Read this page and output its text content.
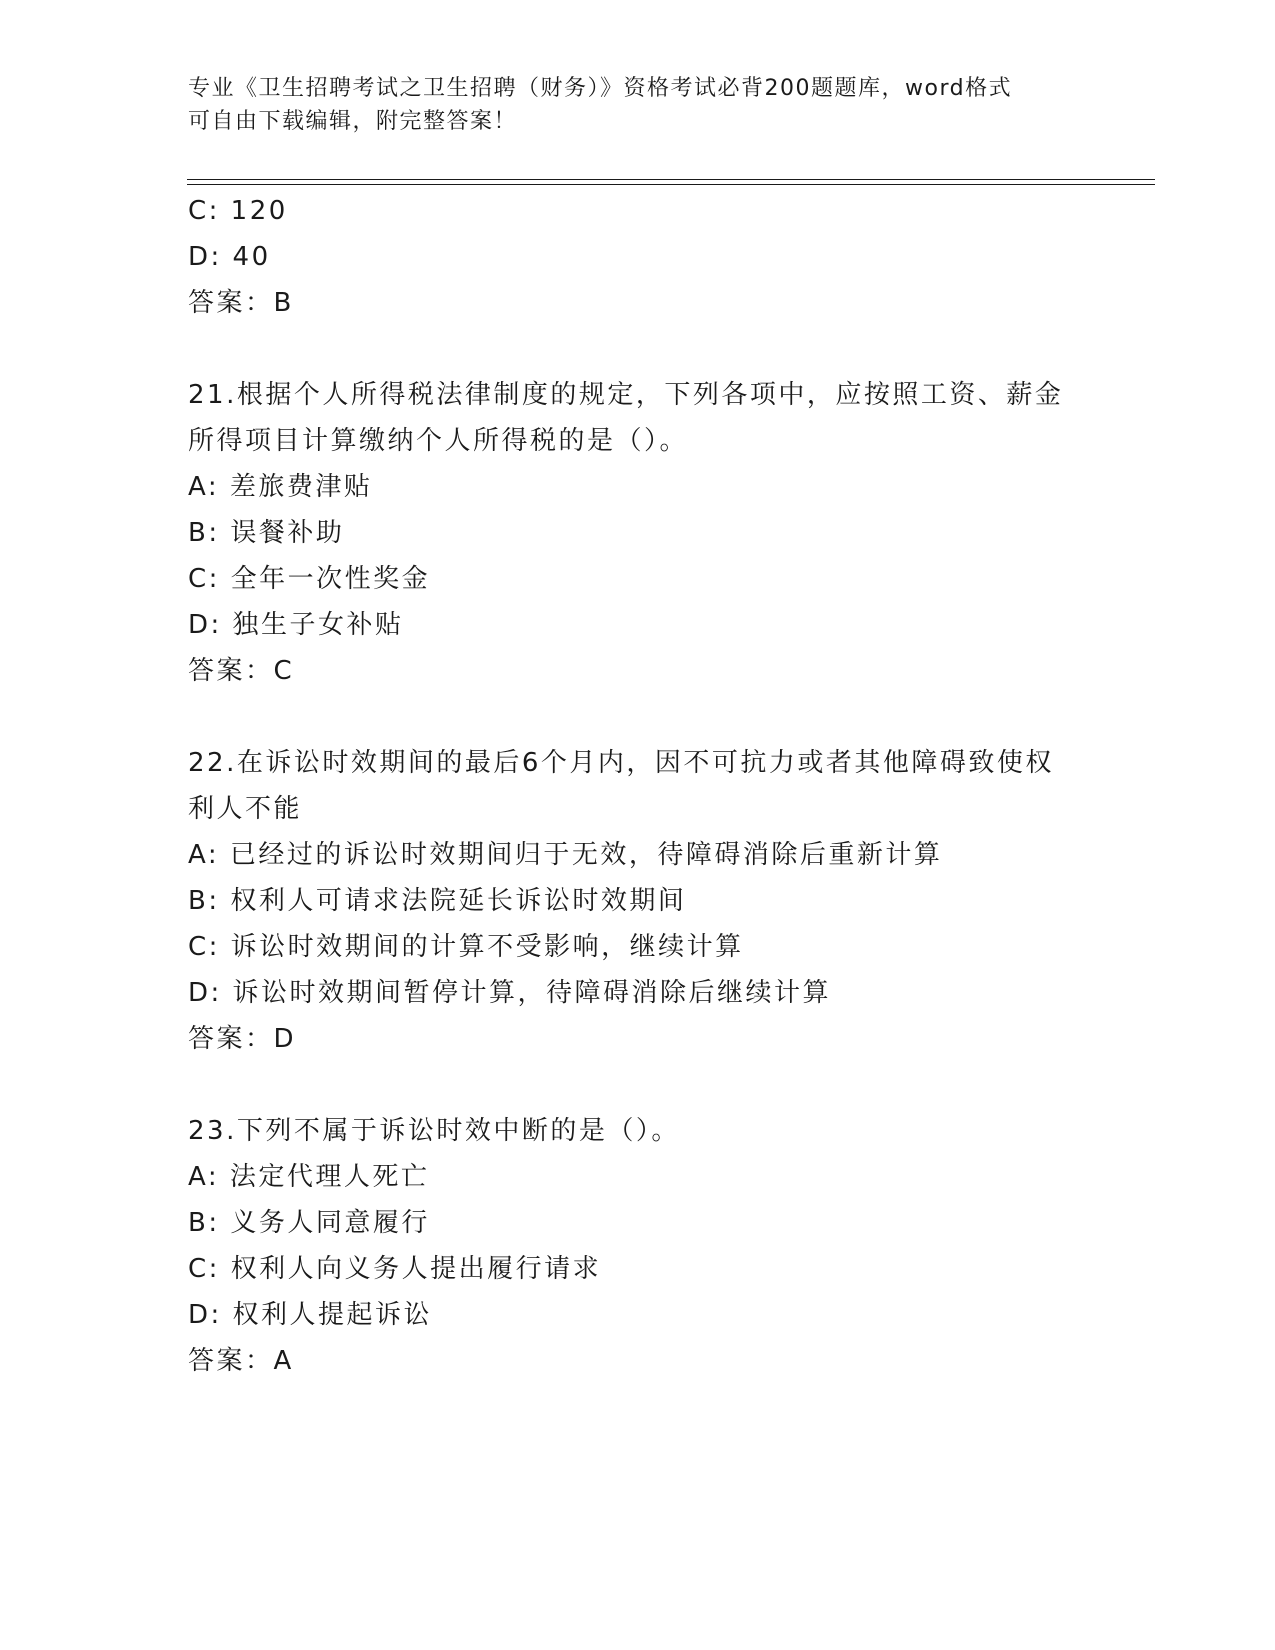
专业《卫生招聘考试之卫生招聘（财务）》资格考试必背200题题库，word格式

可自由下载编辑，附完整答案！

C: 120
D: 40
答案：B
21.根据个人所得税法律制度的规定，下列各项中，应按照工资、薪金
所得项目计算缴纳个人所得税的是（）。
A: 差旅费津贴
B: 误餐补助
C: 全年一次性奖金
D: 独生子女补贴
答案：C
22.在诉讼时效期间的最后6个月内，因不可抗力或者其他障碍致使权
利人不能
A: 已经过的诉讼时效期间归于无效，待障碍消除后重新计算
B: 权利人可请求法院延长诉讼时效期间
C: 诉讼时效期间的计算不受影响，继续计算
D: 诉讼时效期间暂停计算，待障碍消除后继续计算
答案：D
23.下列不属于诉讼时效中断的是（）。
A: 法定代理人死亡
B: 义务人同意履行
C: 权利人向义务人提出履行请求
D: 权利人提起诉讼
答案：A
